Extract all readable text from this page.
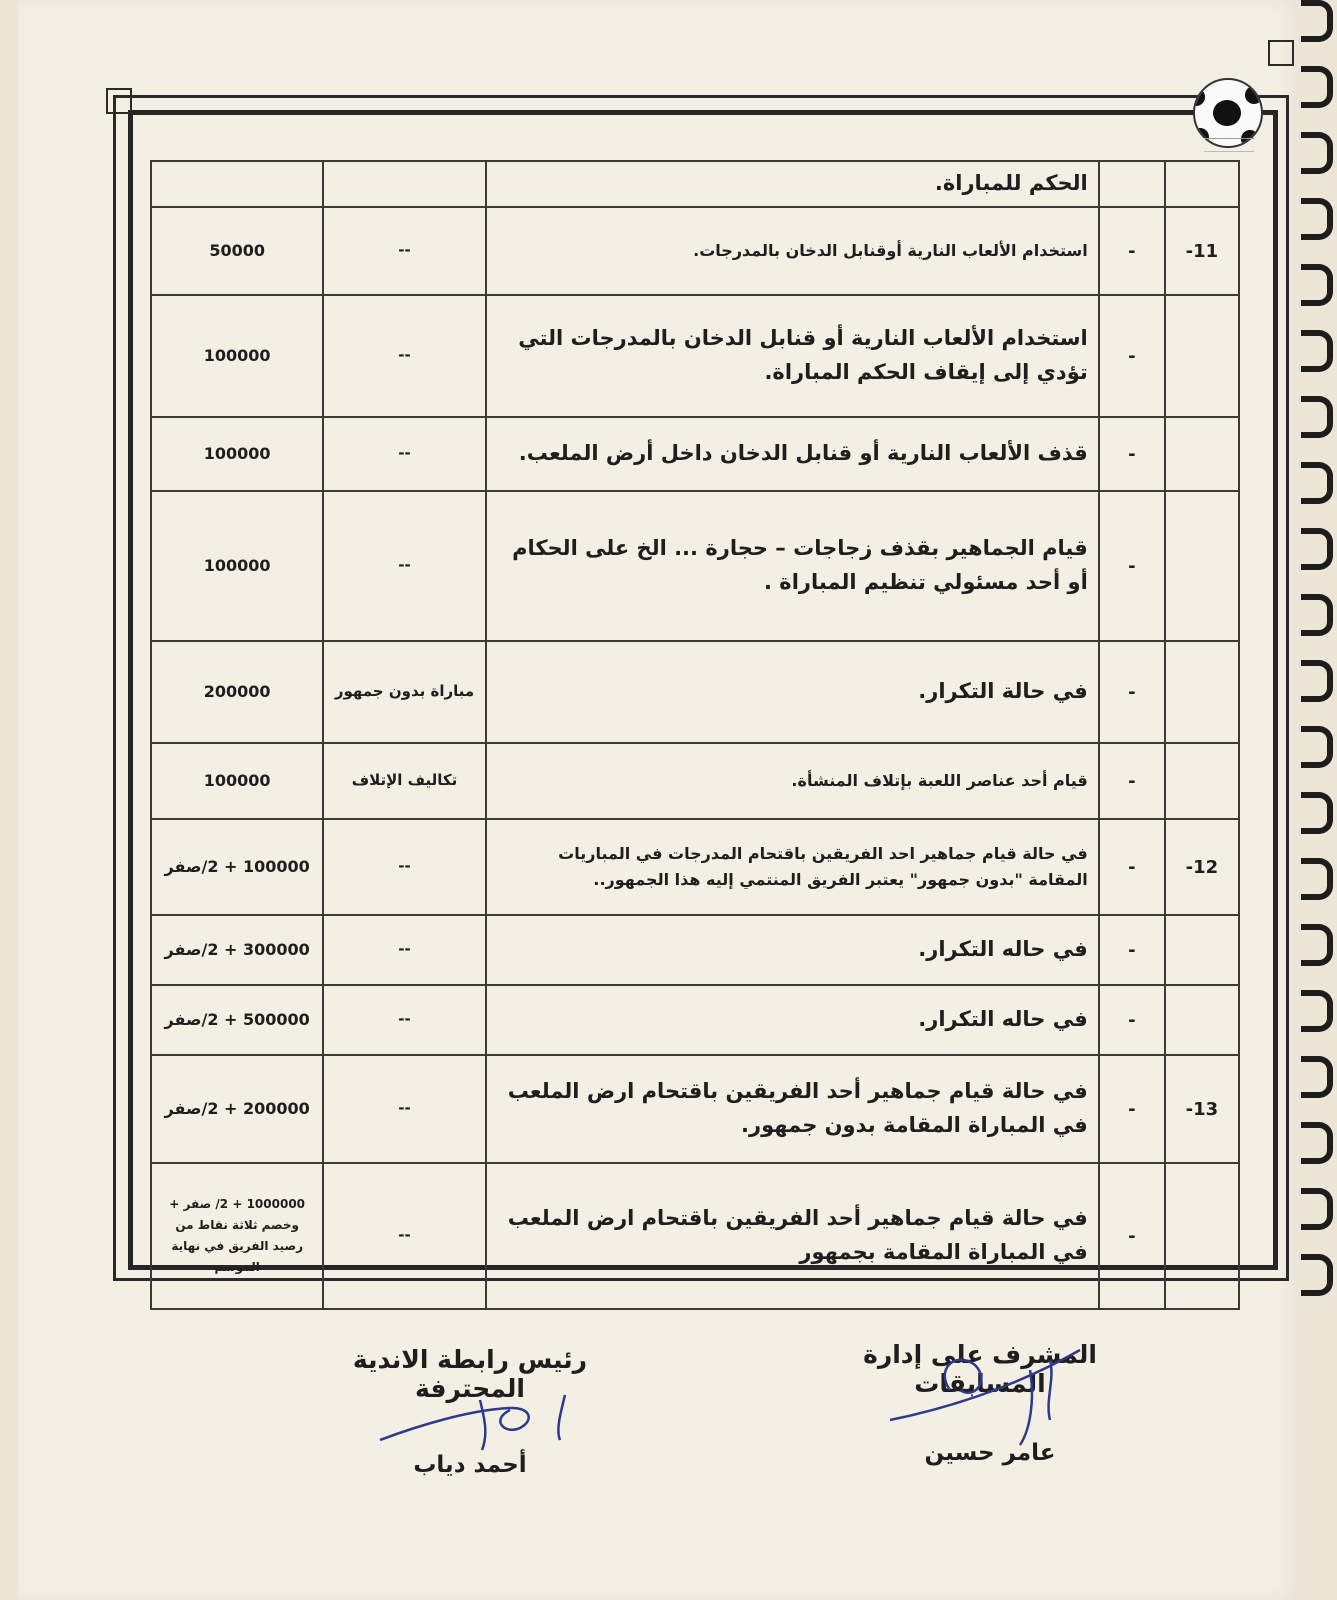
		الحكم للمباراة.		
11-	-	استخدام الألعاب النارية أوقنابل الدخان بالمدرجات.	--	50000
	-	استخدام الألعاب النارية أو قنابل الدخان بالمدرجات التي تؤدي إلى إيقاف الحكم المباراة.	--	100000
	-	قذف الألعاب النارية أو قنابل الدخان داخل أرض الملعب.	--	100000
	-	قيام الجماهير بقذف زجاجات – حجارة ... الخ على الحكام أو أحد مسئولي تنظيم المباراة .	--	100000
	-	في حالة التكرار.	مباراة بدون جمهور	200000
	-	قيام أحد عناصر اللعبة بإتلاف المنشأة.	تكاليف الإتلاف	100000
12-	-	في حالة قيام جماهير احد الفريقين باقتحام المدرجات في المباريات المقامة "بدون جمهور" يعتبر الفريق المنتمي إليه هذا الجمهور..	--	100000 + 2/صفر
	-	في حاله التكرار.	--	300000 + 2/صفر
	-	في حاله التكرار.	--	500000 + 2/صفر
13-	-	في حالة قيام جماهير أحد الفريقين باقتحام ارض الملعب في المباراة المقامة بدون جمهور.	--	200000 + 2/صفر
	-	في حالة قيام جماهير أحد الفريقين باقتحام ارض الملعب في المباراة المقامة بجمهور	--	1000000 + 2/ صفر + وخصم ثلاثة نقاط من رصيد الفريق في نهاية الموسم
المشرف على إدارة المسابقات
عامر حسين
رئيس رابطة الاندية المحترفة
أحمد دياب
